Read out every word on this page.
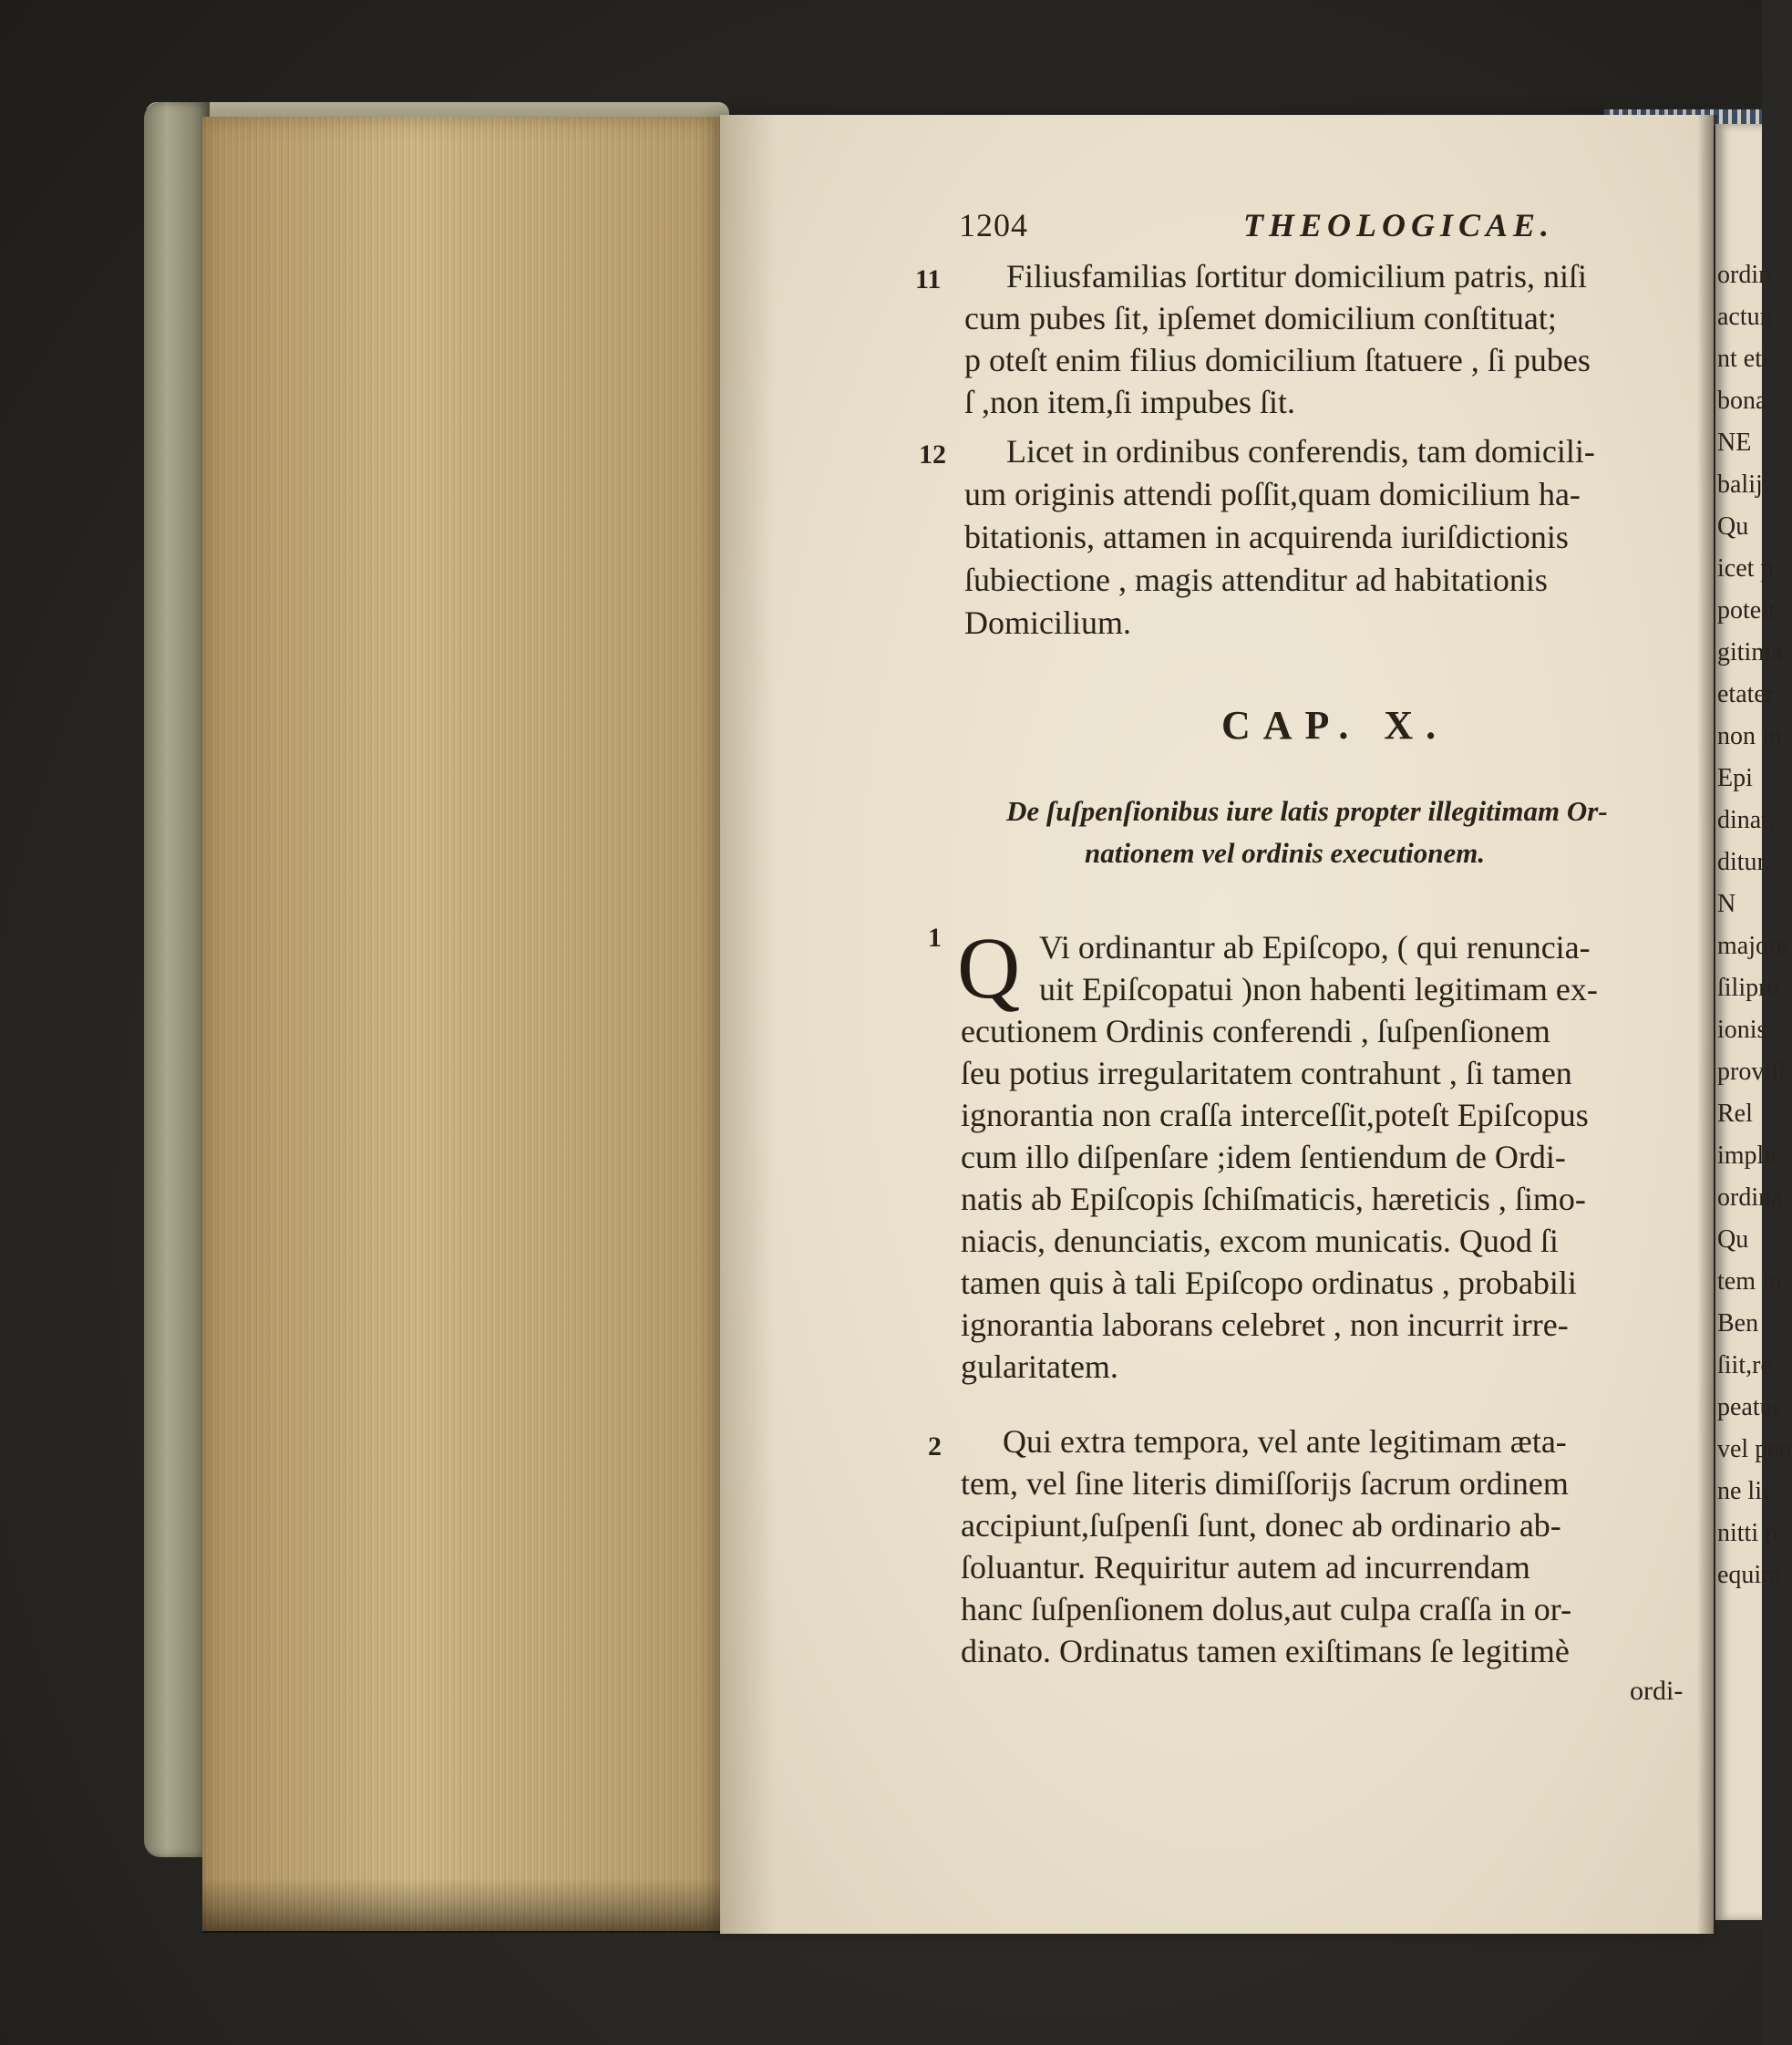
ordin
actun
nt eti
bona
NE
balij
Qu
icet p
poteſt
gitima
etater
non in
Epi
dinat,
ditur.
N
majore
ſilipro
ionis
proviſi
Rel
implic
ordina
Qu
tem in
Ben
ſiit,re
peatur
vel pen
ne lic
nitti p
equira
1204	THEOLOGICAE.
11 Filiusfamilias ſortitur domicilium patris, niſi
cum pubes ſit, ipſemet domicilium conſtituat;
p oteſt enim filius domicilium ſtatuere , ſi pubes
ſ ,non item,ſi impubes ſit.
12 Licet in ordinibus conferendis, tam domicili-
um originis attendi poſſit,quam domicilium ha-
bitationis, attamen in acquirenda iuriſdictionis
ſubiectione , magis attenditur ad habitationis
Domicilium.
CAP. X.
De ſuſpenſionibus iure latis propter illegitimam Or-
nationem vel ordinis executionem.
1 Q Vi ordinantur ab Epiſcopo, ( qui renuncia-
uit Epiſcopatui )non habenti legitimam ex-
ecutionem Ordinis conferendi , ſuſpenſionem
ſeu potius irregularitatem contrahunt , ſi tamen
ignorantia non craſſa interceſſit,poteſt Epiſcopus
cum illo diſpenſare ;idem ſentiendum de Ordi-
natis ab Epiſcopis ſchiſmaticis, hæreticis , ſimo-
niacis, denunciatis, excom municatis. Quod ſi
tamen quis à tali Epiſcopo ordinatus , probabili
ignorantia laborans celebret , non incurrit irre-
gularitatem.
2 Qui extra tempora, vel ante legitimam æta-
tem, vel ſine literis dimiſſorijs ſacrum ordinem
accipiunt,ſuſpenſi ſunt, donec ab ordinario ab-
ſoluantur. Requiritur autem ad incurrendam
hanc ſuſpenſionem dolus,aut culpa craſſa in or-
dinato. Ordinatus tamen exiſtimans ſe legitimè
ordi-
